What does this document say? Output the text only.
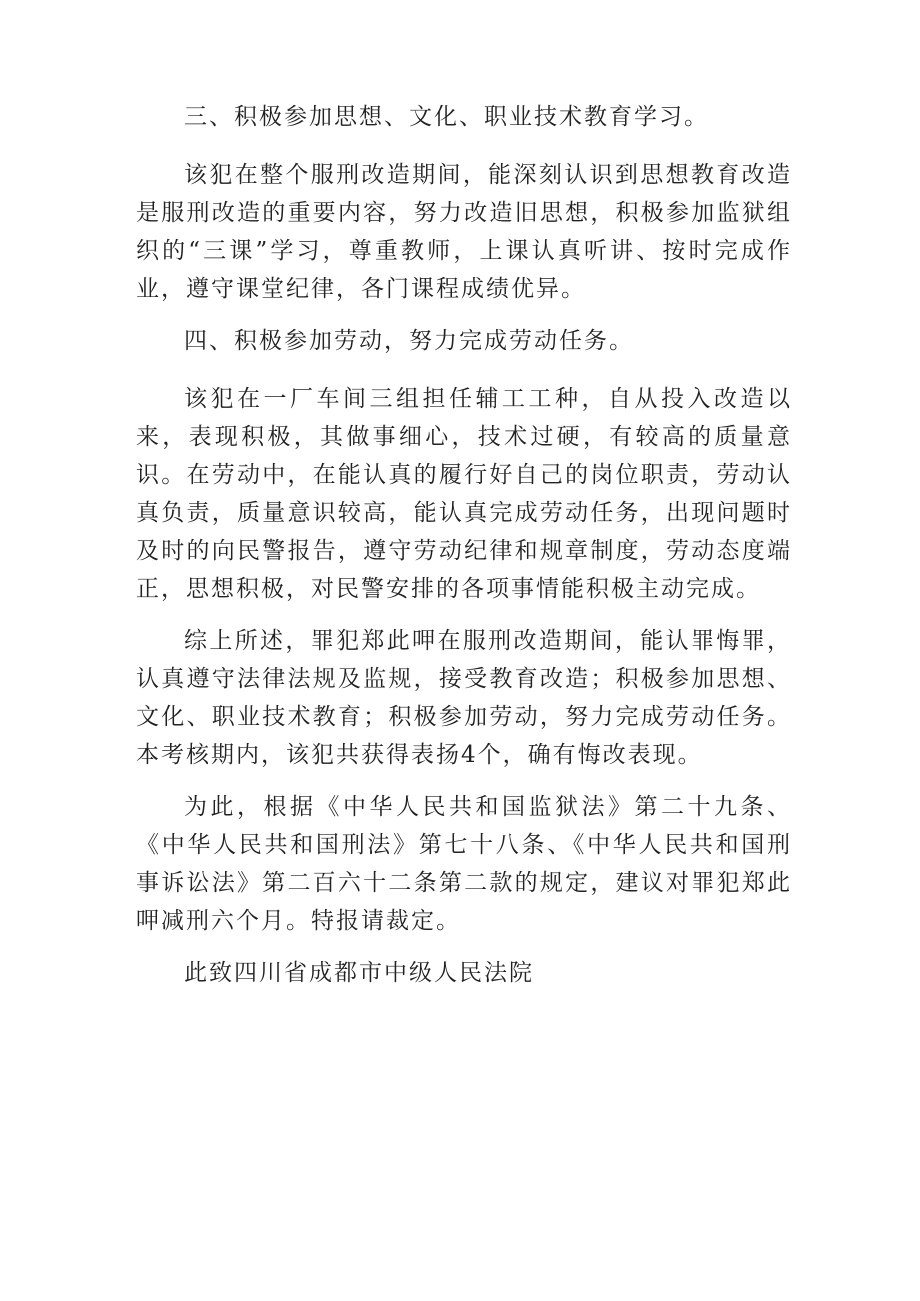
三、积极参加思想、文化、职业技术教育学习。

该犯在整个服刑改造期间，能深刻认识到思想教育改造是服刑改造的重要内容，努力改造旧思想，积极参加监狱组织的“三课”学习，尊重教师，上课认真听讲、按时完成作业，遵守课堂纪律，各门课程成绩优异。

四、积极参加劳动，努力完成劳动任务。

该犯在一厂车间三组担任辅工工种，自从投入改造以来，表现积极，其做事细心，技术过硬，有较高的质量意识。在劳动中，在能认真的履行好自己的岗位职责，劳动认真负责，质量意识较高，能认真完成劳动任务，出现问题时及时的向民警报告，遵守劳动纪律和规章制度，劳动态度端正，思想积极，对民警安排的各项事情能积极主动完成。

综上所述，罪犯郑此呷在服刑改造期间，能认罪悔罪，认真遵守法律法规及监规，接受教育改造；积极参加思想、文化、职业技术教育；积极参加劳动，努力完成劳动任务。本考核期内，该犯共获得表扬4个，确有悔改表现。

为此，根据《中华人民共和国监狱法》第二十九条、《中华人民共和国刑法》第七十八条、《中华人民共和国刑事诉讼法》第二百六十二条第二款的规定，建议对罪犯郑此呷减刑六个月。特报请裁定。

此致四川省成都市中级人民法院
